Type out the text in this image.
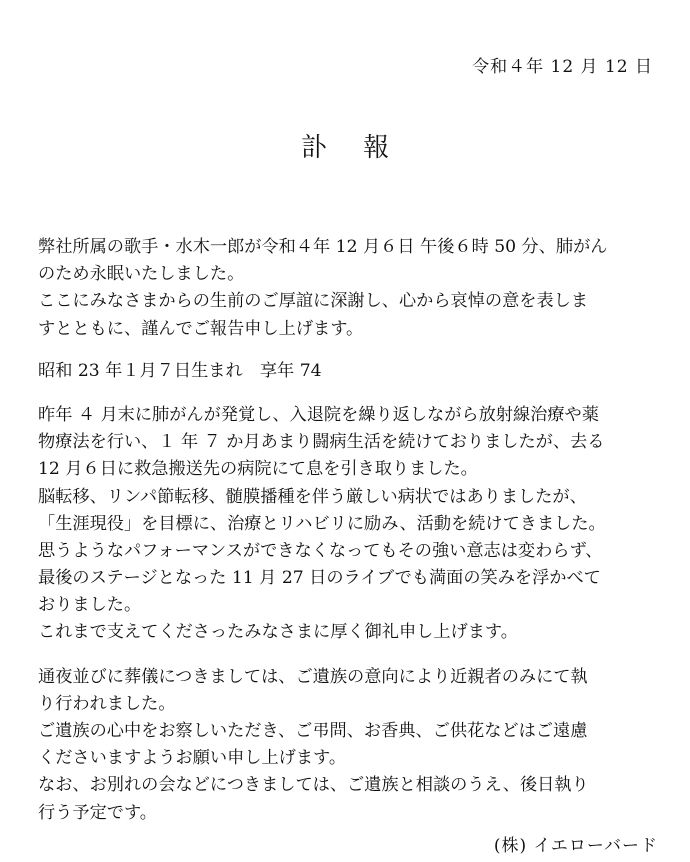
令和４年 12 月 12 日
訃 報
弊社所属の歌手・水木一郎が令和４年 12 月６日 午後６時 50 分、肺がん
のため永眠いたしました。
ここにみなさまからの生前のご厚誼に深謝し、心から哀悼の意を表しま
すとともに、謹んでご報告申し上げます。
昭和 23 年１月７日生まれ　享年 74
昨年 ４ 月末に肺がんが発覚し、入退院を繰り返しながら放射線治療や薬
物療法を行い、１ 年 ７ か月あまり闘病生活を続けておりましたが、去る
12 月６日に救急搬送先の病院にて息を引き取りました。
脳転移、リンパ節転移、髄膜播種を伴う厳しい病状ではありましたが、
「生涯現役」を目標に、治療とリハビリに励み、活動を続けてきました。
思うようなパフォーマンスができなくなってもその強い意志は変わらず、
最後のステージとなった 11 月 27 日のライブでも満面の笑みを浮かべて
おりました。
これまで支えてくださったみなさまに厚く御礼申し上げます。
通夜並びに葬儀につきましては、ご遺族の意向により近親者のみにて執
り行われました。
ご遺族の心中をお察しいただき、ご弔問、お香典、ご供花などはご遠慮
くださいますようお願い申し上げます。
なお、お別れの会などにつきましては、ご遺族と相談のうえ、後日執り
行う予定です。
(株) イエローバード
